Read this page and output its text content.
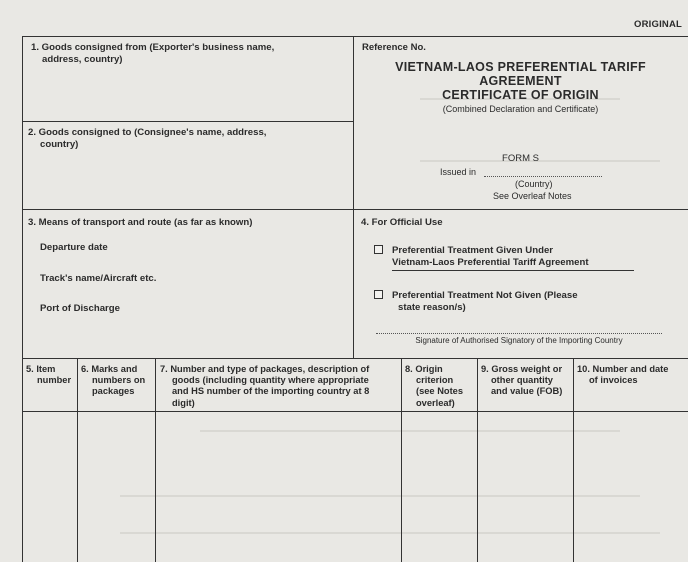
ORIGINAL
1. Goods consigned from (Exporter's business name,
address, country)
2. Goods consigned to (Consignee's name, address,
country)
Reference No.
VIETNAM-LAOS PREFERENTIAL TARIFF
AGREEMENT
CERTIFICATE OF ORIGIN
(Combined Declaration and Certificate)
FORM S
Issued in
(Country)
See Overleaf Notes
3. Means of transport and route (as far as known)
Departure date
Track's name/Aircraft etc.
Port of Discharge
4. For Official Use
Preferential Treatment Given Under
Vietnam-Laos Preferential Tariff Agreement
Preferential Treatment Not Given (Please
state reason/s)
Signature of Authorised Signatory of the Importing Country
5. Item
number
6. Marks and
numbers on
packages
7. Number and type of packages, description of
goods (including quantity where appropriate
and HS number of the importing country at 8
digit)
8. Origin
criterion
(see Notes
overleaf)
9. Gross weight or
other quantity
and value (FOB)
10. Number and date
of invoices
